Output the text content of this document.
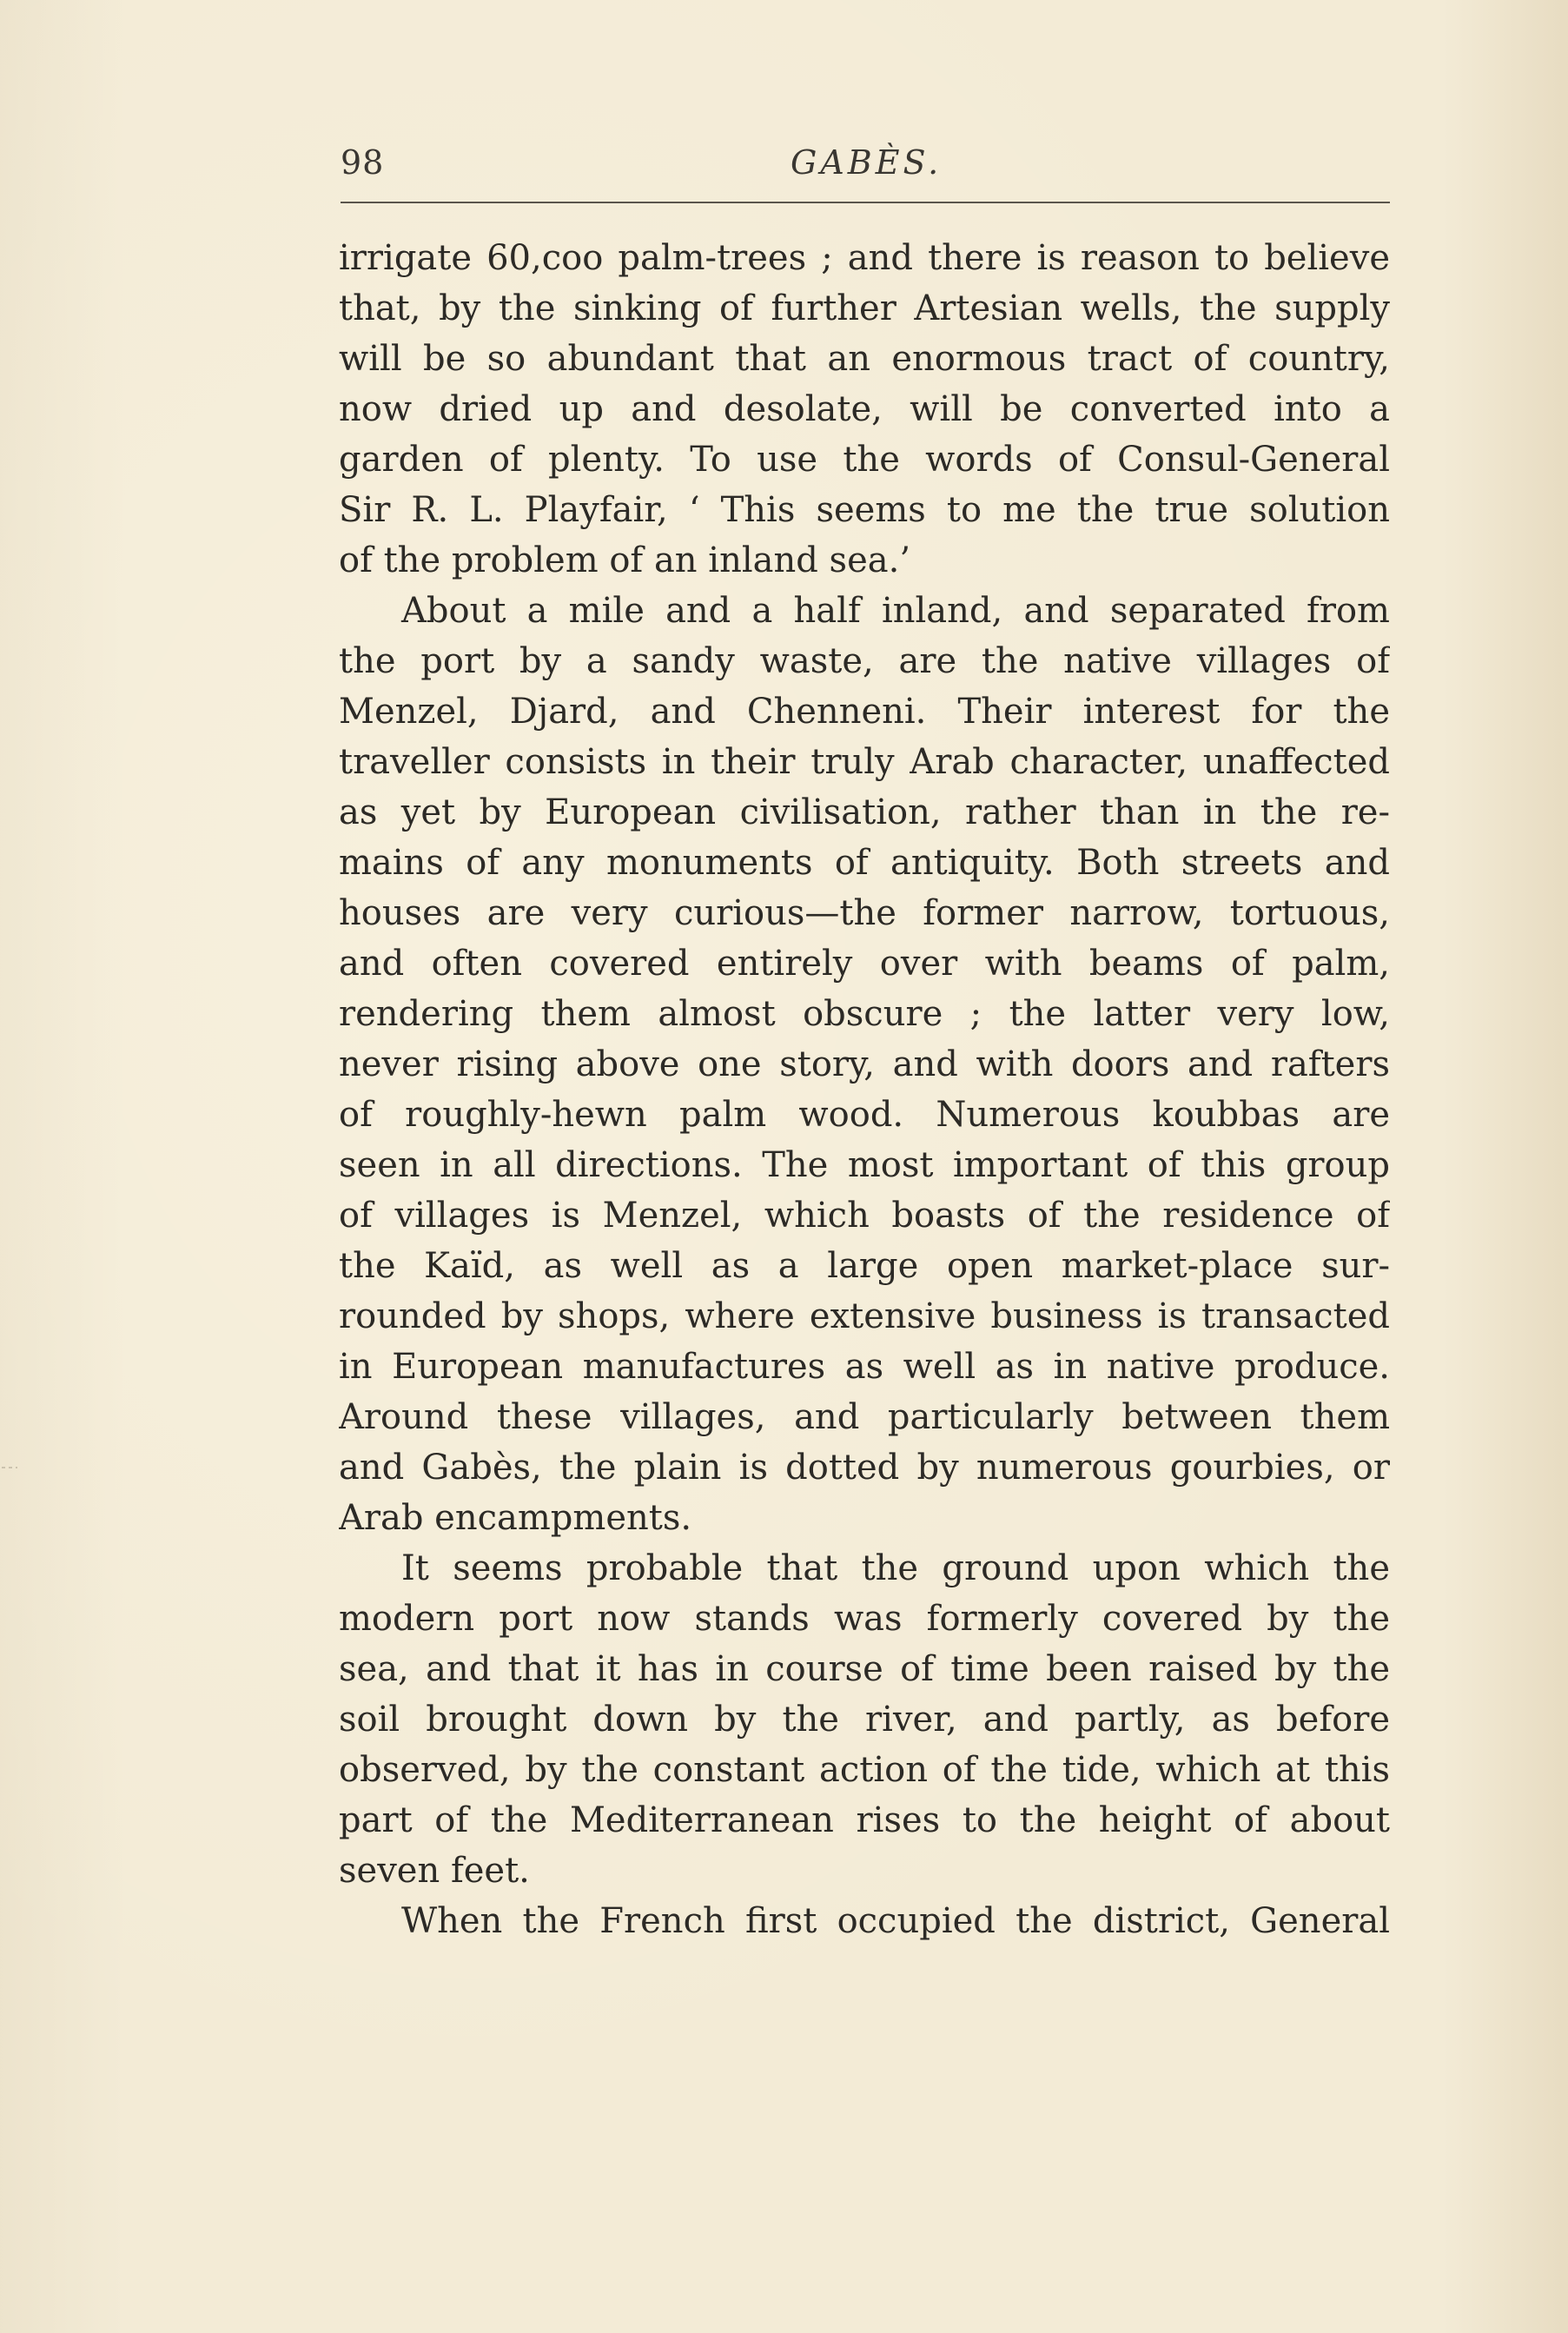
98	GABÈS.
irrigate 60,coo palm-trees ; and there is reason to believe
that, by the sinking of further Artesian wells, the supply
will be so abundant that an enormous tract of country,
now dried up and desolate, will be converted into a
garden of plenty. To use the words of Consul-General
Sir R. L. Playfair, ‘ This seems to me the true solution
of the problem of an inland sea.’
About a mile and a half inland, and separated from
the port by a sandy waste, are the native villages of
Menzel, Djard, and Chenneni. Their interest for the
traveller consists in their truly Arab character, unaffected
as yet by European civilisation, rather than in the re-
mains of any monuments of antiquity. Both streets and
houses are very curious—the former narrow, tortuous,
and often covered entirely over with beams of palm,
rendering them almost obscure ; the latter very low,
never rising above one story, and with doors and rafters
of roughly-hewn palm wood. Numerous koubbas are
seen in all directions. The most important of this group
of villages is Menzel, which boasts of the residence of
the Kaïd, as well as a large open market-place sur-
rounded by shops, where extensive business is transacted
in European manufactures as well as in native produce.
Around these villages, and particularly between them
and Gabès, the plain is dotted by numerous gourbies, or
Arab encampments.
It seems probable that the ground upon which the
modern port now stands was formerly covered by the
sea, and that it has in course of time been raised by the
soil brought down by the river, and partly, as before
observed, by the constant action of the tide, which at this
part of the Mediterranean rises to the height of about
seven feet.
When the French first occupied the district, General
